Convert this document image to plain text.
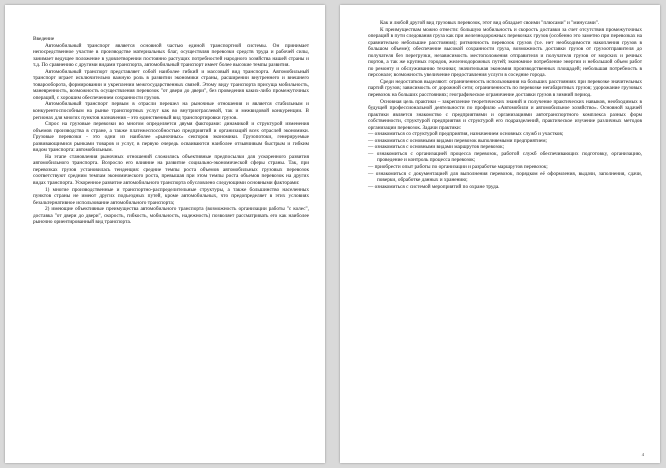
Введение

Автомобильный транспорт является основной частью единой транспортной системы. Он принимает непосредственное участие в производстве материальных благ, осуществляя перевозки средств труда и рабочей силы, занимает ведущее положение в удовлетворении постоянно растущих потребностей народного хозяйства нашей страны и т.д. По сравнению с другими видами транспорта, автомобильный транспорт имеет более высокие темпы развития.

Автомобильный транспорт представляет собой наиболее гибкий и массовый вид транспорта. Автомобильный транспорт играет исключительно важную роль в развитии экономики страны, расширении внутреннего и внешнего товарооборота, формировании и укреплении межгосударственных связей. Этому виду транспорта присуща мобильность, маневренность, возможность осуществления перевозок "от двери до двери", без проведения каких-либо промежуточных операций, с хорошим обеспечением сохранности грузов.

Автомобильный транспорт первым в отрасли перешел на рыночные отношения и является стабильным и конкурентоспособным на рынке транспортных услуг как во внутриотраслевой, так и межвидовой конкуренции. В регионах для многих пунктов назначения – это единственный вид транспортировки грузов.

Спрос на грузовые перевозки во многом определяется двумя факторами: динамикой и структурой изменения объемов производства в стране, а также платежеспособностью предприятий и организаций всех отраслей экономики. Грузовые перевозки - это одни из наиболее «рыночных» секторов экономики. Грузопотоки, генерируемые развивающимися рынками товаров и услуг, в первую очередь осваиваются наиболее отзывчивым быстрым и гибким видом транспорта: автомобильным.

На этапе становления рыночных отношений сложились объективные предпосылки для ускоренного развития автомобильного транспорта. Возросло его влияние на развитие социально-экономической сферы страны. Так, при перевозках грузов установилась тенденция: средние темпы роста объемов автомобильных грузовых перевозок соответствуют средним темпам экономического роста, превышая при этом темпы роста объемов перевозок на других видах транспорта. Ускоренное развитие автомобильного транспорта обусловлено следующими основными факторами:

1) многие производственные и транспортно-распределительные структуры, а также большинство населенных пунктов страны не имеют других подъездных путей, кроме автомобильных, что предопределяет в этих условиях безальтернативное использование автомобильного транспорта;

2) имеющие объективные преимущества автомобильного транспорта (возможность организации работы "с колес", доставка "от двери до двери", скорость, гибкость, мобильность, надежность) позволяет рассматривать его как наиболее рыночно ориентированный вид транспорта.

Как и любой другой вид грузовых перевозок, этот вид обладает своими "плюсами" и "минусами".

К преимуществам можно отнести: большую мобильность и скорость доставки за счет отсутствия промежуточных операций в пути следования груза как при железнодорожных перевозках грузов (особенно это заметно при перевозках на сравнительно небольшие расстояния); ритмичность перевозок грузов (т.е. нет необходимости накопления грузов в большом объеме); обеспечение высокой сохранности груза, возможность доставки грузов от грузоотправителя до получателя без перегрузки, независимость местоположения отправителя и получателя грузов от морских и речных портов, а так же крупных городов, железнодорожных путей; экономное потребление энергии и небольшой объем работ по ремонту и обслуживанию техники; значительная экономия производственных площадей; небольшая потребность в персонале; возможность увеличение предоставления услуги в соседние города.

Среди недостатков выделяют: ограниченность использования на больших расстояниях при перевозке значительных партий грузов; зависимость от дорожной сети; ограниченность по перевозке негабаритных грузов; удорожание грузовых перевозок на больших расстояниях; географическое ограничение доставки грузов в зимний период.

Основная цель практики – закрепление теоретических знаний и получение практических навыков, необходимых в будущей профессиональной деятельности по профилю «Автомобили и автомобильное хозяйство». Основной задачей практики является знакомство с предприятиями и организациями автотранспортного комплекса разных форм собственности, структурой предприятия и структурой его подразделений, практическое изучение различных методов организации перевозок. Задачи практики:

— ознакомиться со структурой предприятия, назначением основных служб и участков;
— ознакомиться с основными видами перевозок выполняемыми предприятием;
— ознакомиться с основными видами маршрутов перевозок;
— ознакомиться с организацией процесса перевозок, работой служб обеспечивающих подготовку, организацию, проведение и контроль процесса перевозок;
— приобрести опыт работы по организации и разработке маршрутов перевозок;
— ознакомиться с документацией для выполнения перевозок, порядком её оформления, выдачи, заполнения, сдачи, поверки, обработке данных и хранению;
— ознакомиться с системой мероприятий по охране труда.
4
